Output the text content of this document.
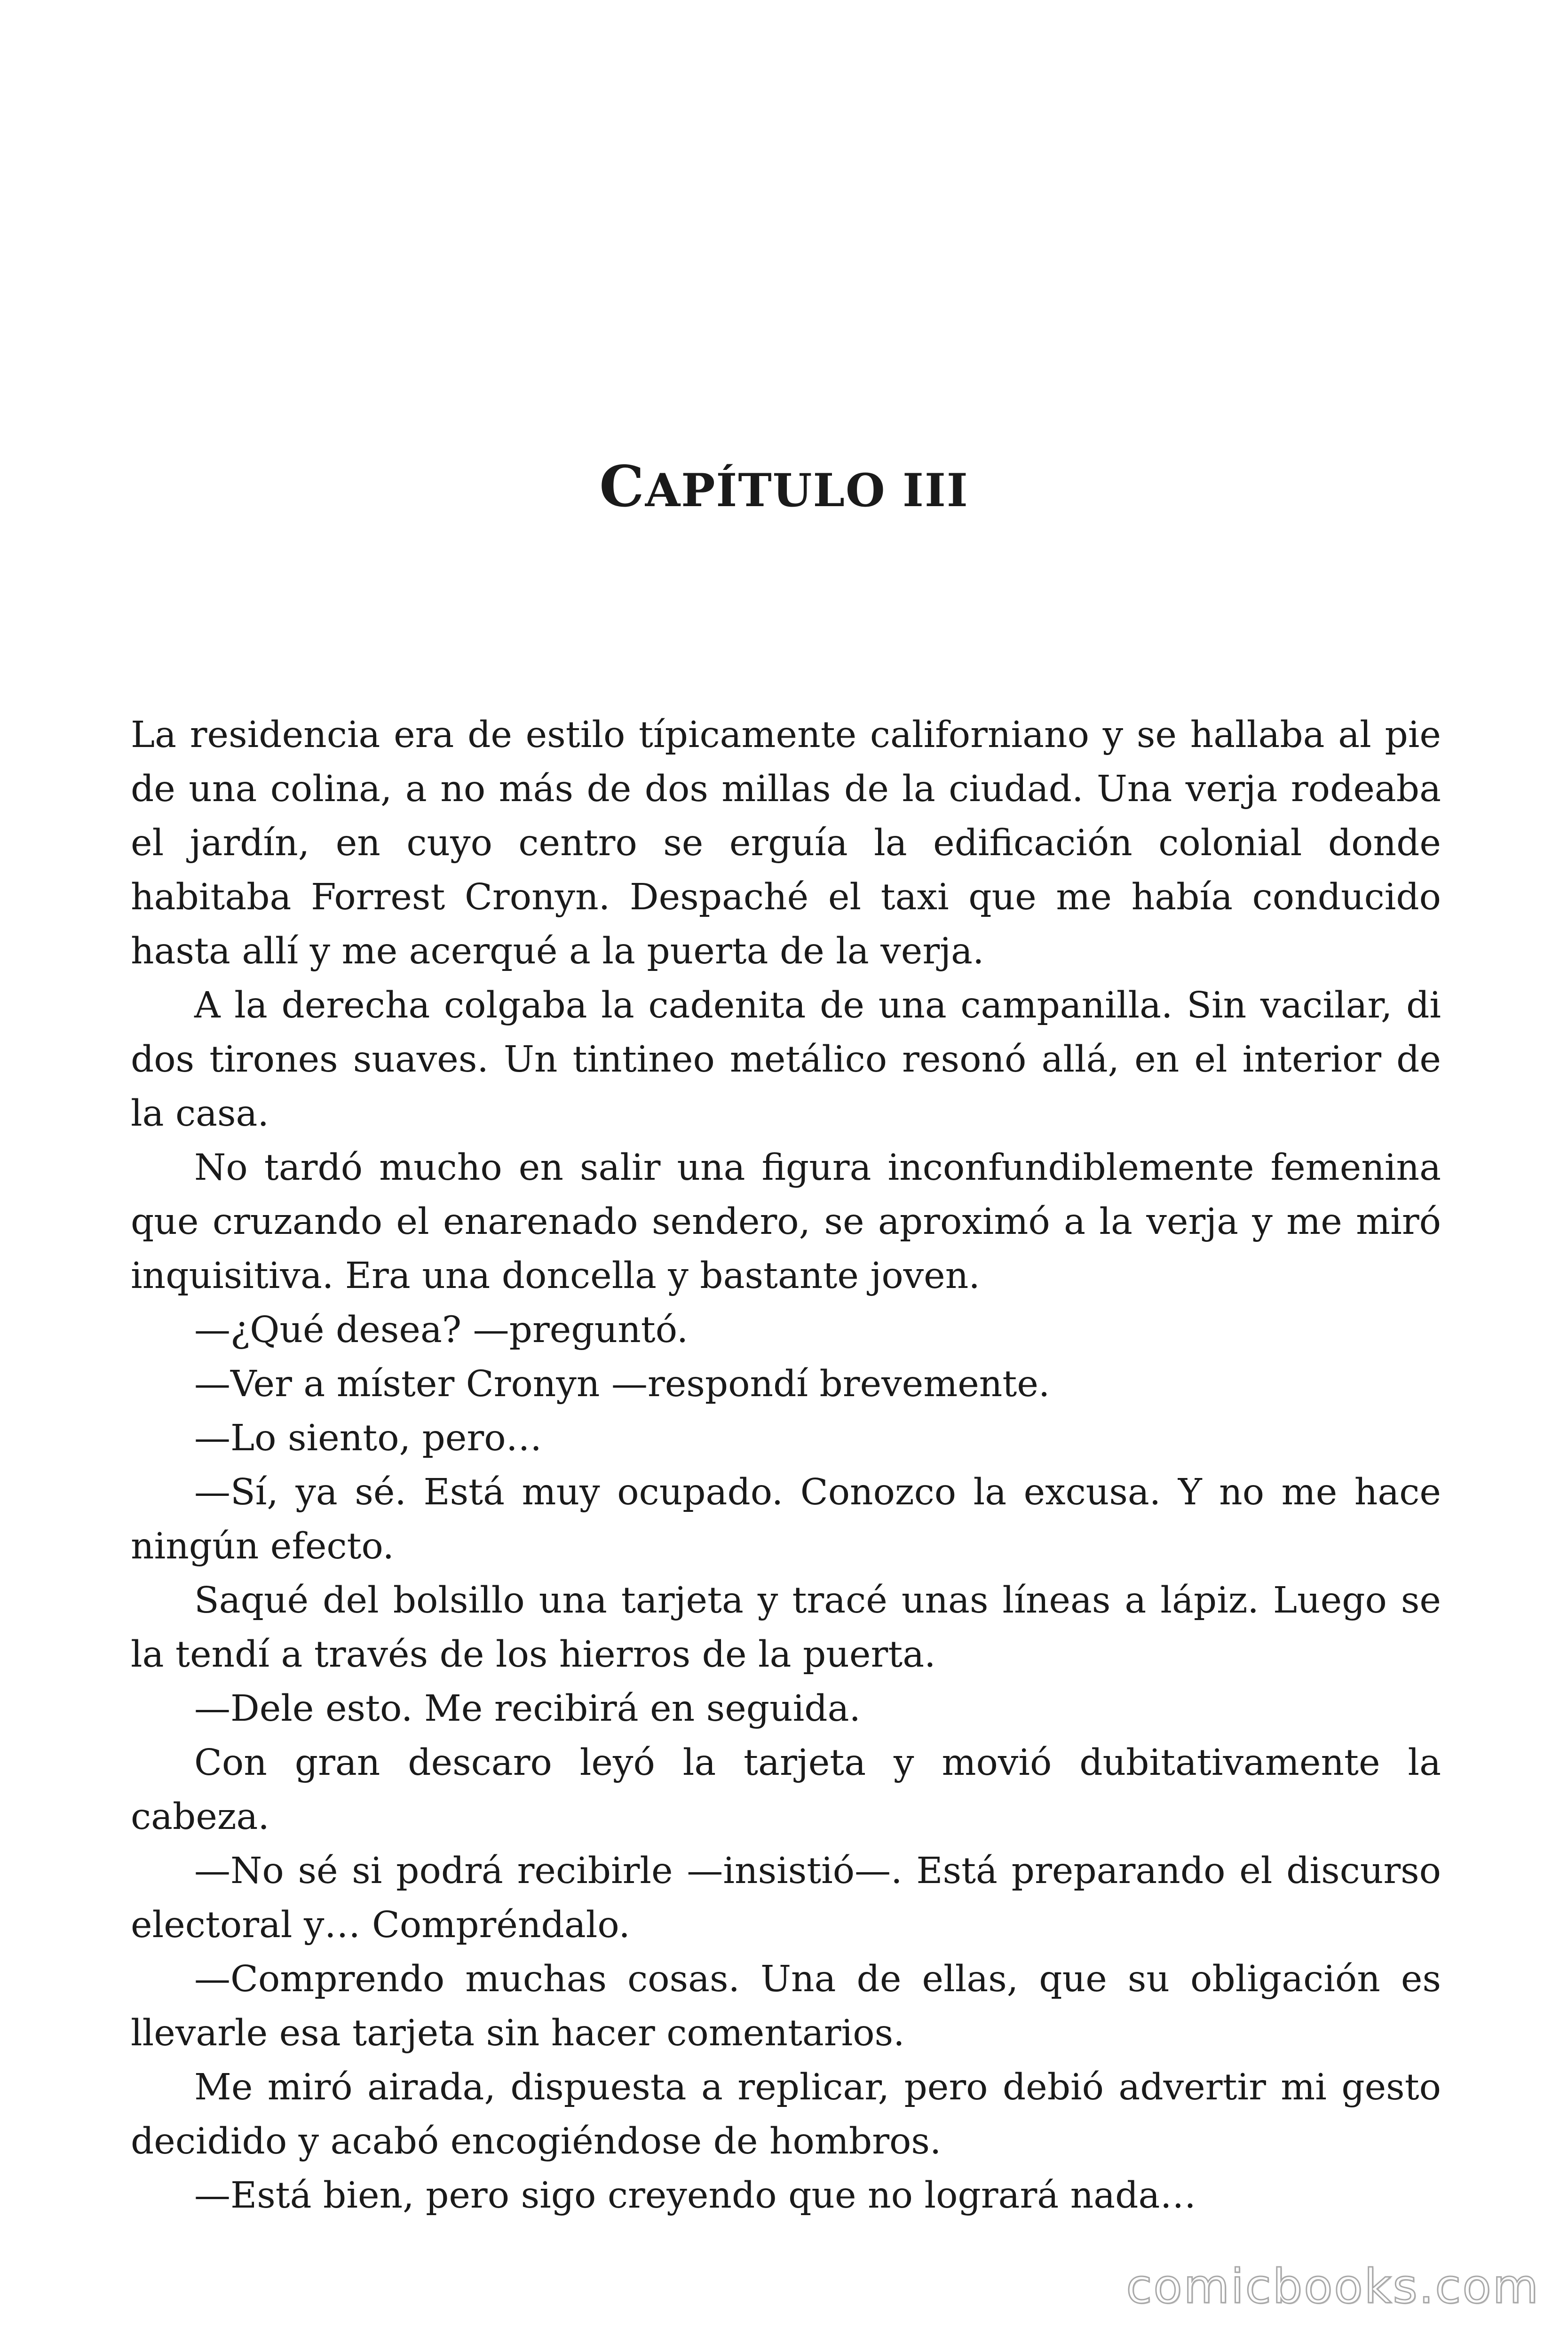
CAPÍTULO III

La residencia era de estilo típicamente californiano y se hallaba al pie de una colina, a no más de dos millas de la ciudad. Una verja rodeaba el jardín, en cuyo centro se erguía la edificación colonial donde habitaba Forrest Cronyn. Despaché el taxi que me había conducido hasta allí y me acerqué a la puerta de la verja.

A la derecha colgaba la cadenita de una campanilla. Sin vacilar, di dos tirones suaves. Un tintineo metálico resonó allá, en el interior de la casa.

No tardó mucho en salir una figura inconfundiblemente femenina que cruzando el enarenado sendero, se aproximó a la verja y me miró inquisitiva. Era una doncella y bastante joven.

—¿Qué desea? —preguntó.

—Ver a míster Cronyn —respondí brevemente.

—Lo siento, pero…

—Sí, ya sé. Está muy ocupado. Conozco la excusa. Y no me hace ningún efecto.

Saqué del bolsillo una tarjeta y tracé unas líneas a lápiz. Luego se la tendí a través de los hierros de la puerta.

—Dele esto. Me recibirá en seguida.

Con gran descaro leyó la tarjeta y movió dubitativamente la cabeza.

—No sé si podrá recibirle —insistió—. Está preparando el discurso electoral y… Compréndalo.

—Comprendo muchas cosas. Una de ellas, que su obligación es llevarle esa tarjeta sin hacer comentarios.

Me miró airada, dispuesta a replicar, pero debió advertir mi gesto decidido y acabó encogiéndose de hombros.

—Está bien, pero sigo creyendo que no logrará nada…

comicbooks.com
